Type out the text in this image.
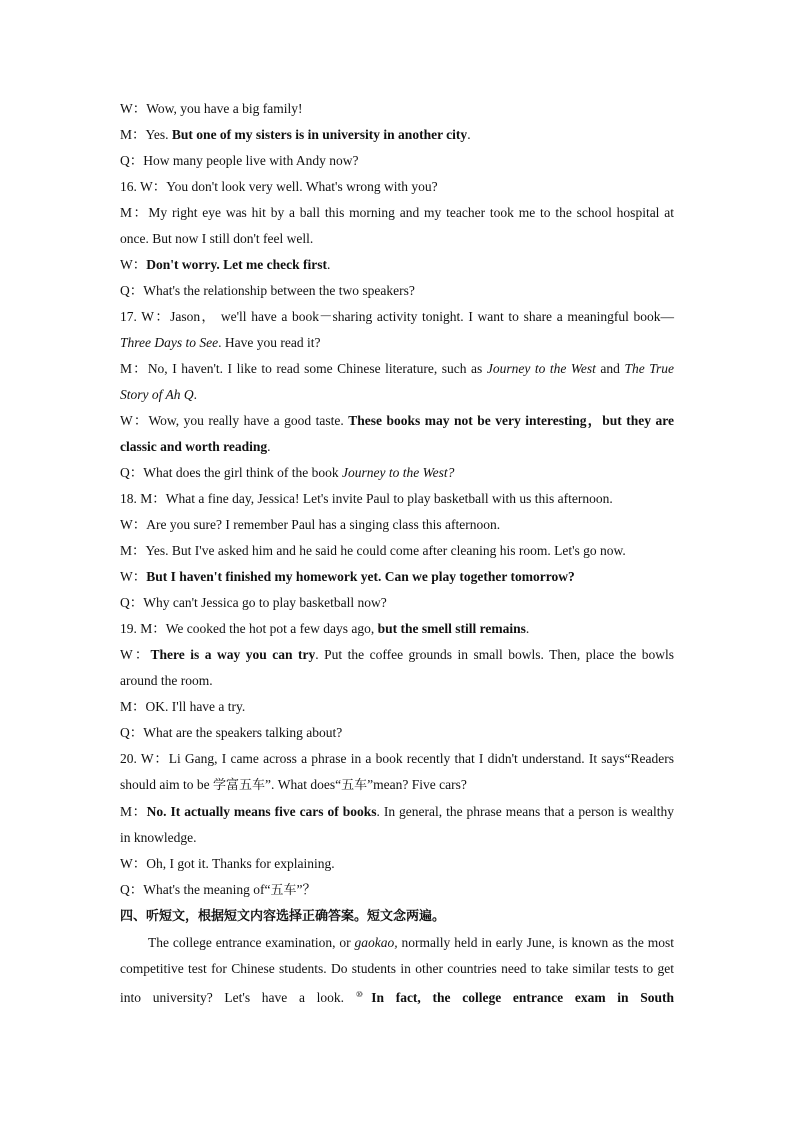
W：Wow, you have a big family!

M：Yes. But one of my sisters is in university in another city.

Q：How many people live with Andy now?

16. W：You don't look very well. What's wrong with you?

M：My right eye was hit by a ball this morning and my teacher took me to the school hospital at once. But now I still don't feel well.

W：Don't worry. Let me check first.

Q：What's the relationship between the two speakers?

17. W：Jason， we'll have a book－sharing activity tonight. I want to share a meaningful book—Three Days to See. Have you read it?

M：No, I haven't. I like to read some Chinese literature, such as Journey to the West and The True Story of Ah Q.

W：Wow, you really have a good taste. These books may not be very interesting，but they are classic and worth reading.

Q：What does the girl think of the book Journey to the West?

18. M：What a fine day, Jessica! Let's invite Paul to play basketball with us this afternoon.

W：Are you sure? I remember Paul has a singing class this afternoon.

M：Yes. But I've asked him and he said he could come after cleaning his room. Let's go now.

W：But I haven't finished my homework yet. Can we play together tomorrow?

Q：Why can't Jessica go to play basketball now?

19. M：We cooked the hot pot a few days ago, but the smell still remains.

W：There is a way you can try. Put the coffee grounds in small bowls. Then, place the bowls around the room.

M：OK. I'll have a try.

Q：What are the speakers talking about?

20. W：Li Gang, I came across a phrase in a book recently that I didn't understand. It says“Readers should aim to be 学富五车”. What does“五车”mean? Five cars?

M：No. It actually means five cars of books. In general, the phrase means that a person is wealthy in knowledge.

W：Oh, I got it. Thanks for explaining.

Q：What's the meaning of“五车”？

四、听短文，根据短文内容选择正确答案。短文念两遍。

The college entrance examination, or gaokao, normally held in early June, is known as the most competitive test for Chinese students. Do students in other countries need to take similar tests to get into university? Let's have a look. ⑩In fact, the college entrance exam in South
